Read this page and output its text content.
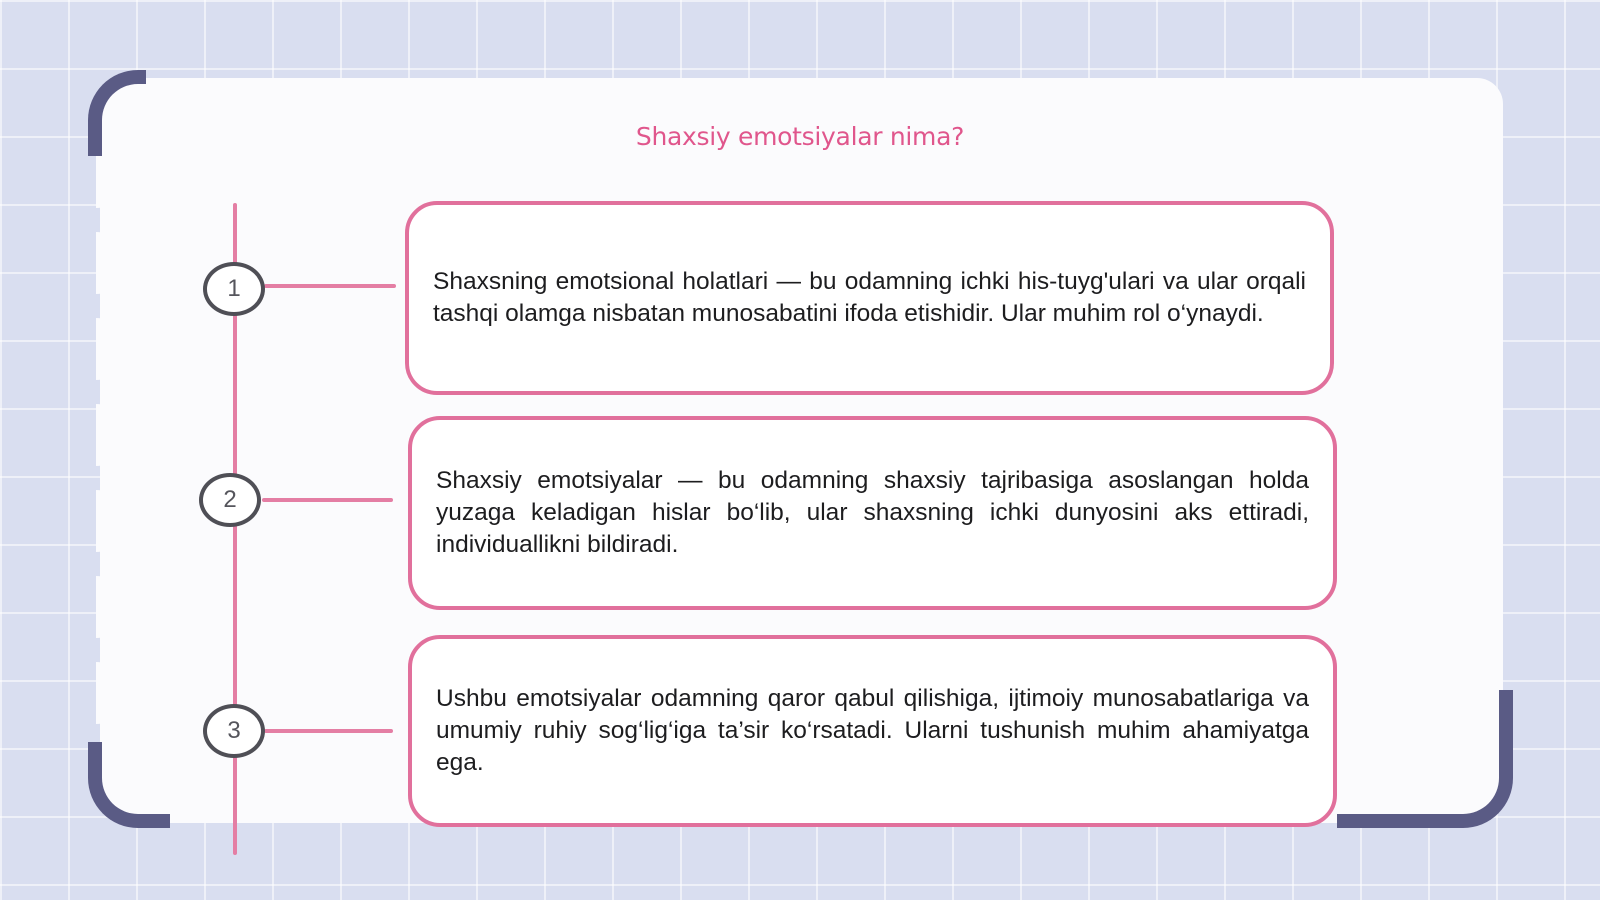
Shaxsiy emotsiyalar nima?
1	Shaxsning emotsional holatlari — bu odamning ichki his-tuyg'ulari va ular orqali tashqi olamga nisbatan munosabatini ifoda etishidir. Ular muhim rol o‘ynaydi.

2

Shaxsiy emotsiyalar — bu odamning shaxsiy tajribasiga asoslangan holda yuzaga keladigan hislar bo‘lib, ular shaxsning ichki dunyosini aks ettiradi, individuallikni bildiradi.

3

Ushbu emotsiyalar odamning qaror qabul qilishiga, ijtimoiy munosabatlariga va umumiy ruhiy sog‘lig‘iga ta’sir ko‘rsatadi. Ularni tushunish muhim ahamiyatga ega.
